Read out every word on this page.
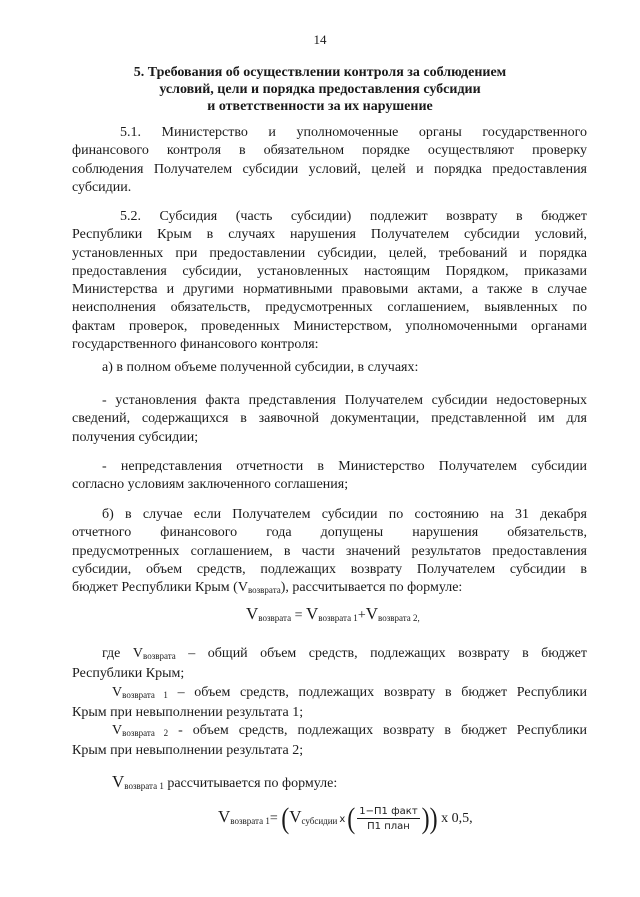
14
5. Требования об осуществлении контроля за соблюдением
условий, цели и порядка предоставления субсидии
и ответственности за их нарушение
5.1. Министерство и уполномоченные органы государственного
финансового контроля в обязательном порядке осуществляют проверку
соблюдения Получателем субсидии условий, целей и порядка предоставления
субсидии.
5.2. Субсидия (часть субсидии) подлежит возврату в бюджет
Республики Крым в случаях нарушения Получателем субсидии условий,
установленных при предоставлении субсидии, целей, требований и порядка
предоставления субсидии, установленных настоящим Порядком, приказами
Министерства и другими нормативными правовыми актами, а также в случае
неисполнения обязательств, предусмотренных соглашением, выявленных по
фактам проверок, проведенных Министерством, уполномоченными органами
государственного финансового контроля:
а) в полном объеме полученной субсидии, в случаях:
- установления факта представления Получателем субсидии недостоверных
сведений, содержащихся в заявочной документации, представленной им для
получения субсидии;
- непредставления отчетности в Министерство Получателем субсидии
согласно условиям заключенного соглашения;
б) в случае если Получателем субсидии по состоянию на 31 декабря
отчетного финансового года допущены нарушения обязательств,
предусмотренных соглашением, в части значений результатов предоставления
субсидии, объем средств, подлежащих возврату Получателем субсидии в
бюджет Республики Крым $(V_{возврата})$, рассчитывается по формуле:
$V_{возврата} = V_{возврата 1}+V_{возврата 2,}$
где $V_{возврата}$ – общий объем средств, подлежащих возврату в бюджет
Республики Крым;
$V_{возврата 1}$ – объем средств, подлежащих возврату в бюджет Республики
Крым при невыполнении результата 1;
$V_{возврата 2}$ - объем средств, подлежащих возврату в бюджет Республики
Крым при невыполнении результата 2;
$V_{возврата 1}$ рассчитывается по формуле:
$V_{возврата 1}= (V_{субсидии}$ $х( \frac{\text{1−П1 факт}}{\text{П1 план}}$ )) х 0,5,
